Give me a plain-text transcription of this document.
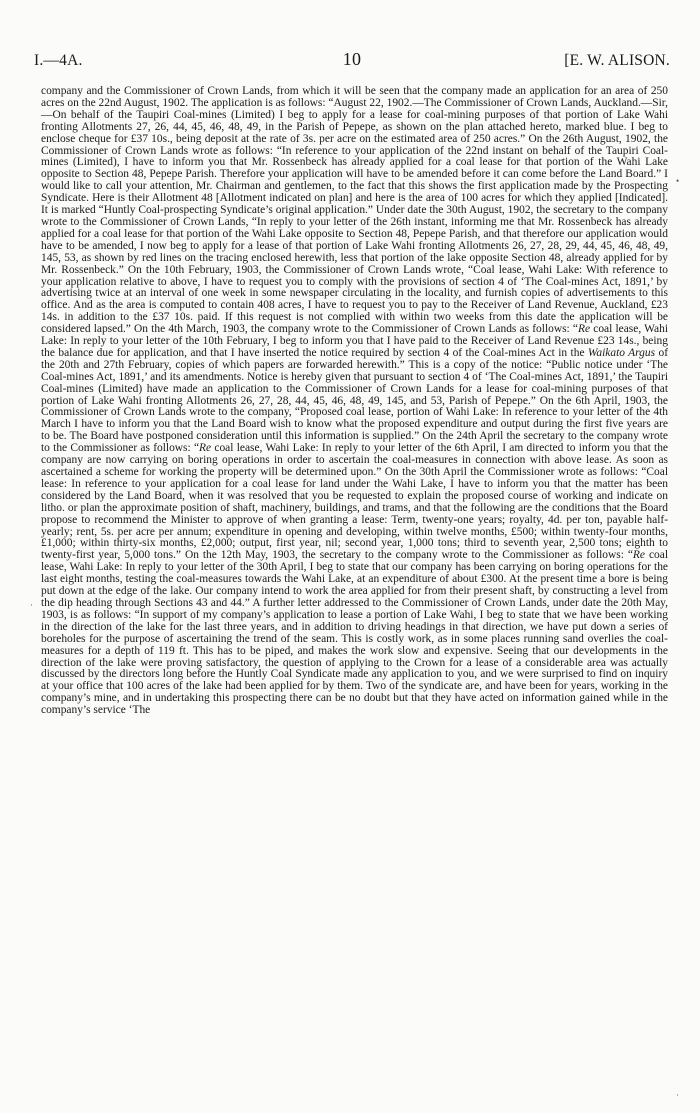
I.—4A.	10	[E. W. ALISON.

company and the Commissioner of Crown Lands, from which it will be seen that the company made an application for an area of 250 acres on the 22nd August, 1902. The application is as follows: “August 22, 1902.—The Commissioner of Crown Lands, Auckland.—Sir,—On behalf of the Taupiri Coal-mines (Limited) I beg to apply for a lease for coal-mining purposes of that portion of Lake Wahi fronting Allotments 27, 26, 44, 45, 46, 48, 49, in the Parish of Pepepe, as shown on the plan attached hereto, marked blue. I beg to enclose cheque for £37 10s., being deposit at the rate of 3s. per acre on the estimated area of 250 acres.” On the 26th August, 1902, the Commissioner of Crown Lands wrote as follows: “In reference to your application of the 22nd instant on behalf of the Taupiri Coal-mines (Limited), I have to inform you that Mr. Rossenbeck has already applied for a coal lease for that portion of the Wahi Lake opposite to Section 48, Pepepe Parish. Therefore your application will have to be amended before it can come before the Land Board.” I would like to call your attention, Mr. Chairman and gentlemen, to the fact that this shows the first application made by the Prospecting Syndicate. Here is their Allotment 48 [Allotment indicated on plan] and here is the area of 100 acres for which they applied [Indicated]. It is marked “Huntly Coal-prospecting Syndicate’s original application.” Under date the 30th August, 1902, the secretary to the company wrote to the Commissioner of Crown Lands, “In reply to your letter of the 26th instant, informing me that Mr. Rossenbeck has already applied for a coal lease for that portion of the Wahi Lake opposite to Section 48, Pepepe Parish, and that therefore our application would have to be amended, I now beg to apply for a lease of that portion of Lake Wahi fronting Allotments 26, 27, 28, 29, 44, 45, 46, 48, 49, 145, 53, as shown by red lines on the tracing enclosed herewith, less that portion of the lake opposite Section 48, already applied for by Mr. Rossenbeck.” On the 10th February, 1903, the Commissioner of Crown Lands wrote, “Coal lease, Wahi Lake: With reference to your application relative to above, I have to request you to comply with the provisions of section 4 of ‘The Coal-mines Act, 1891,’ by advertising twice at an interval of one week in some newspaper circulating in the locality, and furnish copies of advertisements to this office. And as the area is computed to contain 408 acres, I have to request you to pay to the Receiver of Land Revenue, Auckland, £23 14s. in addition to the £37 10s. paid. If this request is not complied with within two weeks from this date the application will be considered lapsed.” On the 4th March, 1903, the company wrote to the Commissioner of Crown Lands as follows: “Re coal lease, Wahi Lake: In reply to your letter of the 10th February, I beg to inform you that I have paid to the Receiver of Land Revenue £23 14s., being the balance due for application, and that I have inserted the notice required by section 4 of the Coal-mines Act in the Waikato Argus of the 20th and 27th February, copies of which papers are forwarded herewith.” This is a copy of the notice: “Public notice under ‘The Coal-mines Act, 1891,’ and its amendments. Notice is hereby given that pursuant to section 4 of ‘The Coal-mines Act, 1891,’ the Taupiri Coal-mines (Limited) have made an application to the Commissioner of Crown Lands for a lease for coal-mining purposes of that portion of Lake Wahi fronting Allotments 26, 27, 28, 44, 45, 46, 48, 49, 145, and 53, Parish of Pepepe.” On the 6th April, 1903, the Commissioner of Crown Lands wrote to the company, “Proposed coal lease, portion of Wahi Lake: In reference to your letter of the 4th March I have to inform you that the Land Board wish to know what the proposed expenditure and output during the first five years are to be. The Board have postponed consideration until this information is supplied.” On the 24th April the secretary to the company wrote to the Commissioner as follows: “Re coal lease, Wahi Lake: In reply to your letter of the 6th April, I am directed to inform you that the company are now carrying on boring operations in order to ascertain the coal-measures in connection with above lease. As soon as ascertained a scheme for working the property will be determined upon.” On the 30th April the Commissioner wrote as follows: “Coal lease: In reference to your application for a coal lease for land under the Wahi Lake, I have to inform you that the matter has been considered by the Land Board, when it was resolved that you be requested to explain the proposed course of working and indicate on litho. or plan the approximate position of shaft, machinery, buildings, and trams, and that the following are the conditions that the Board propose to recommend the Minister to approve of when granting a lease: Term, twenty-one years; royalty, 4d. per ton, payable half-yearly; rent, 5s. per acre per annum; expenditure in opening and developing, within twelve months, £500; within twenty-four months, £1,000; within thirty-six months, £2,000; output, first year, nil; second year, 1,000 tons; third to seventh year, 2,500 tons; eighth to twenty-first year, 5,000 tons.” On the 12th May, 1903, the secretary to the company wrote to the Commissioner as follows: “Re coal lease, Wahi Lake: In reply to your letter of the 30th April, I beg to state that our company has been carrying on boring operations for the last eight months, testing the coal-measures towards the Wahi Lake, at an expenditure of about £300. At the present time a bore is being put down at the edge of the lake. Our company intend to work the area applied for from their present shaft, by constructing a level from the dip heading through Sections 43 and 44.” A further letter addressed to the Commissioner of Crown Lands, under date the 20th May, 1903, is as follows: “In support of my company’s application to lease a portion of Lake Wahi, I beg to state that we have been working in the direction of the lake for the last three years, and in addition to driving headings in that direction, we have put down a series of boreholes for the purpose of ascertaining the trend of the seam. This is costly work, as in some places running sand overlies the coal-measures for a depth of 119 ft. This has to be piped, and makes the work slow and expensive. Seeing that our developments in the direction of the lake were proving satisfactory, the question of applying to the Crown for a lease of a considerable area was actually discussed by the directors long before the Huntly Coal Syndicate made any application to you, and we were surprised to find on inquiry at your office that 100 acres of the lake had been applied for by them. Two of the syndicate are, and have been for years, working in the company’s mine, and in undertaking this prospecting there can be no doubt but that they have acted on information gained while in the company’s service ‘The

•
·
·
